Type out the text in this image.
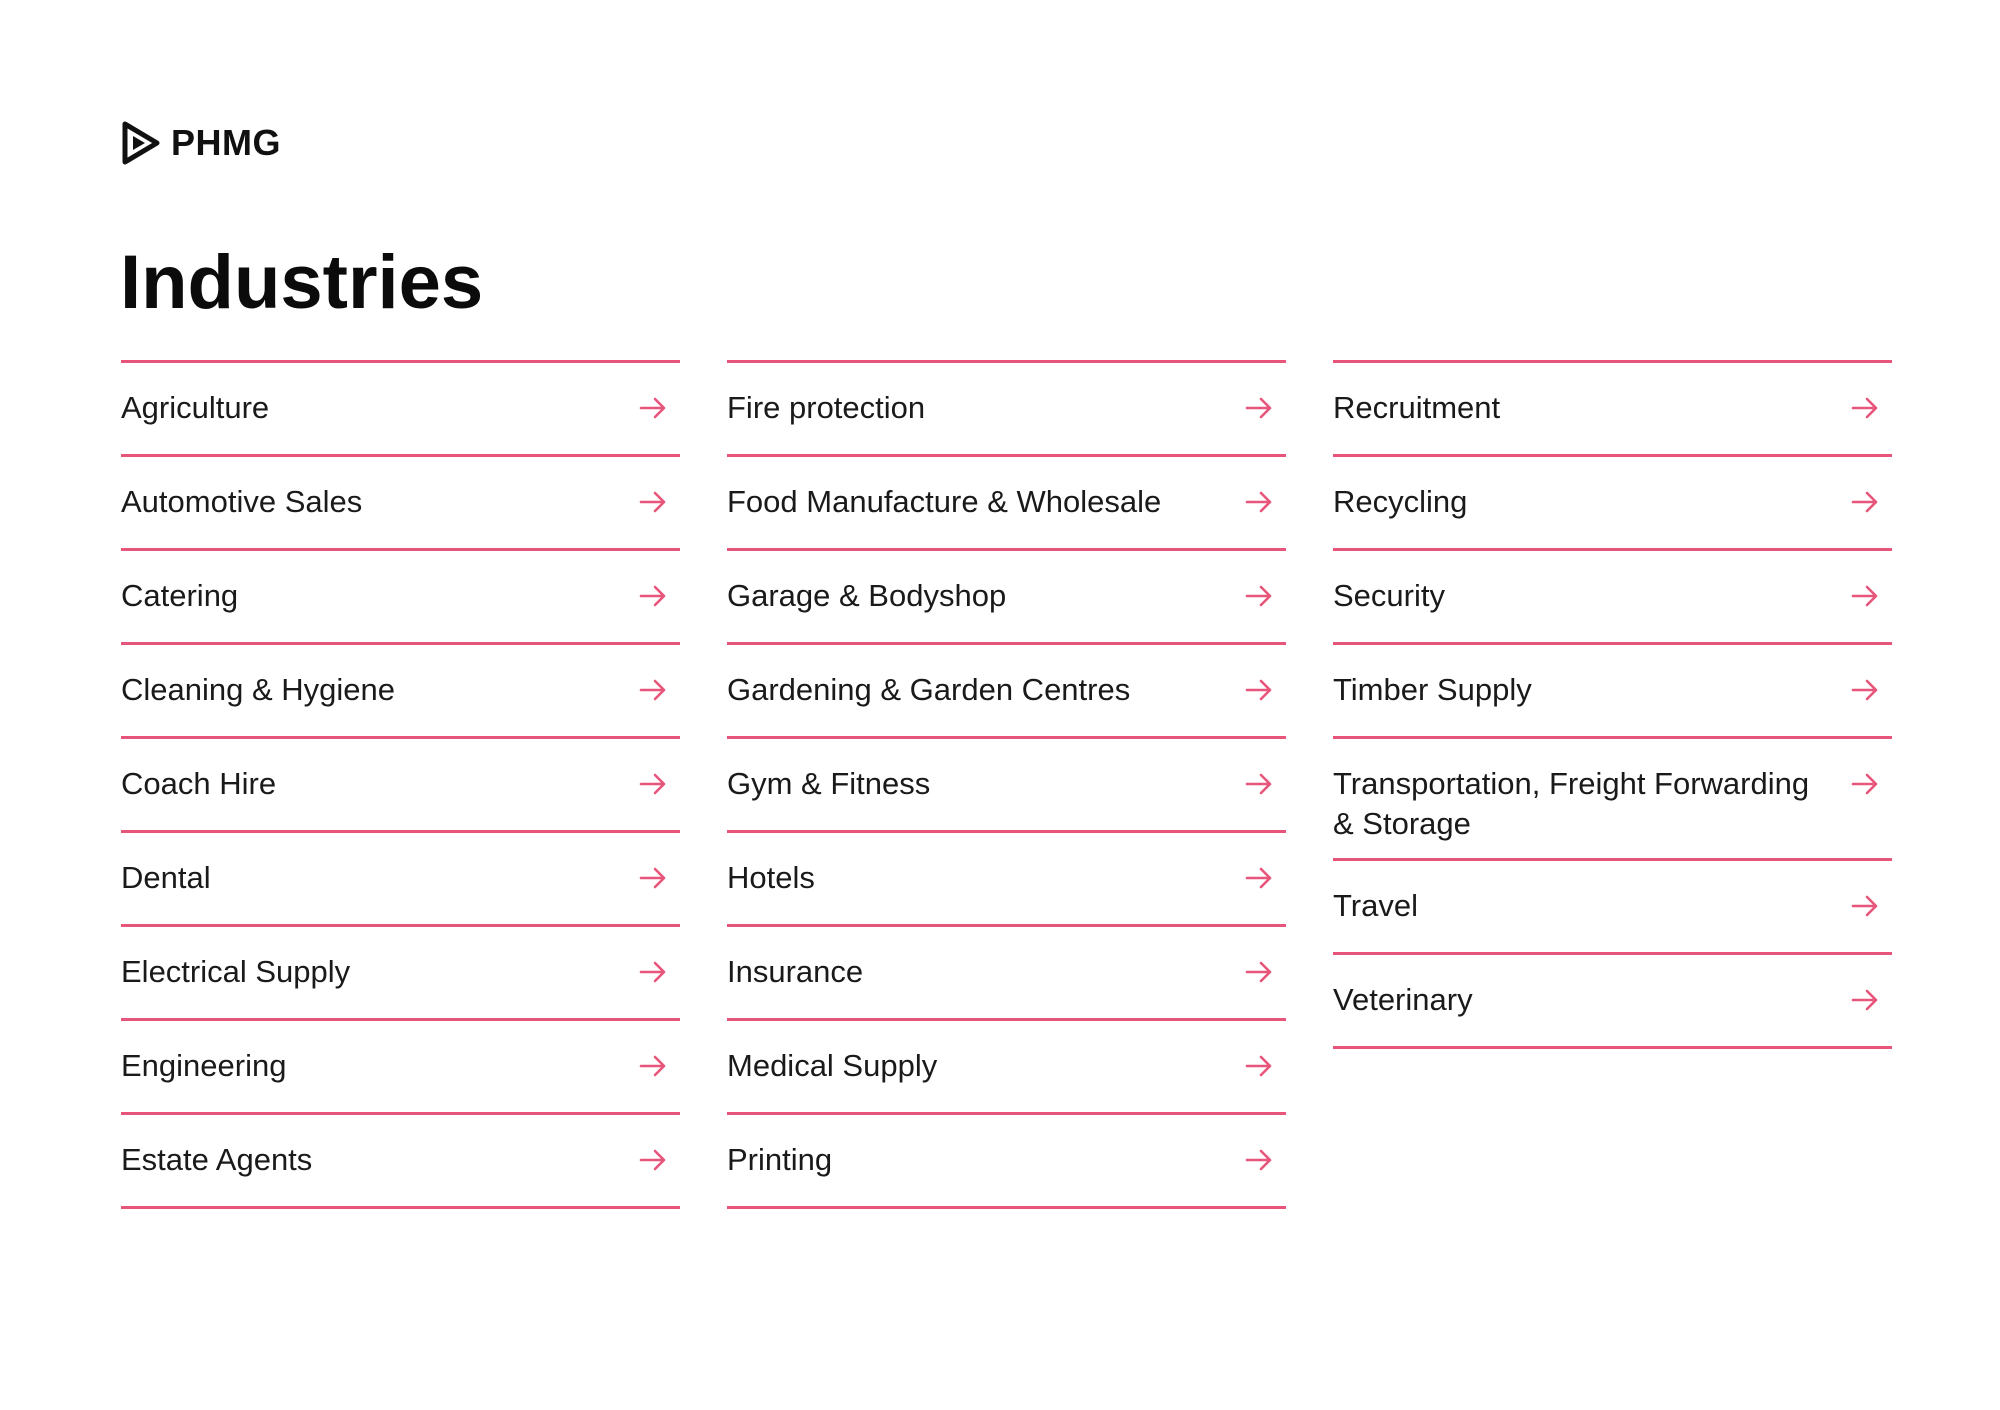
PHMG
Industries
Agriculture
Automotive Sales
Catering
Cleaning & Hygiene
Coach Hire
Dental
Electrical Supply
Engineering
Estate Agents
Fire protection
Food Manufacture & Wholesale
Garage & Bodyshop
Gardening & Garden Centres
Gym & Fitness
Hotels
Insurance
Medical Supply
Printing
Recruitment
Recycling
Security
Timber Supply
Transportation, Freight Forwarding & Storage
Travel
Veterinary
